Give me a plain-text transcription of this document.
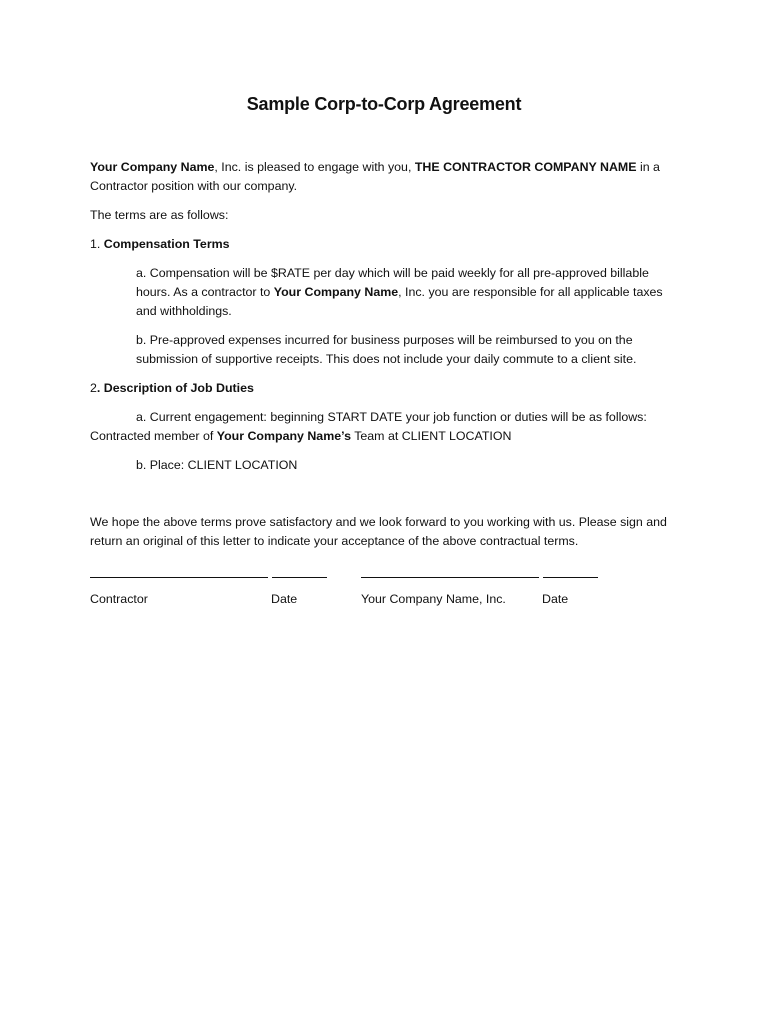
Sample Corp-to-Corp Agreement

Your Company Name, Inc. is pleased to engage with you, THE CONTRACTOR COMPANY NAME in a Contractor position with our company.

The terms are as follows:

1. Compensation Terms

a. Compensation will be $RATE per day which will be paid weekly for all pre-approved billable hours. As a contractor to Your Company Name, Inc. you are responsible for all applicable taxes and withholdings.

b. Pre-approved expenses incurred for business purposes will be reimbursed to you on the submission of supportive receipts. This does not include your daily commute to a client site.

2. Description of Job Duties

a. Current engagement: beginning START DATE your job function or duties will be as follows: Contracted member of Your Company Name’s Team at CLIENT LOCATION

b. Place: CLIENT LOCATION

We hope the above terms prove satisfactory and we look forward to you working with us. Please sign and return an original of this letter to indicate your acceptance of the above contractual terms.

Contractor	Date	Your Company Name, Inc.	Date
